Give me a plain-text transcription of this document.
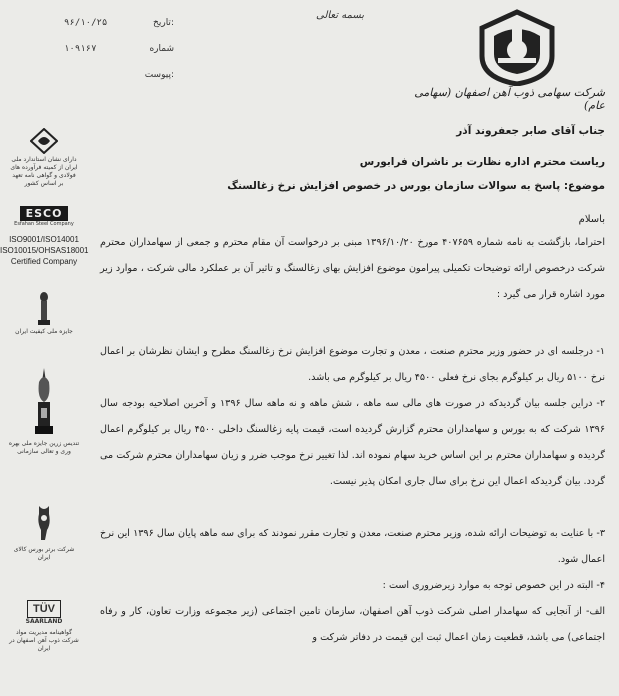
بسمه تعالی
شرکت سهامی ذوب آهن اصفهان (سهامی عام)
تاریخ:
۹۶/۱۰/۲۵
شماره
۱۰۹۱۶۷
پیوست:
دارای نشان استاندارد ملی ایران از کمیته فرآورده های فولادی و گواهی نامه تعهد بر اساس کشور
ESCO
Esfahan Steel Company
ISO9001/ISO14001
ISO10015/OHSAS18001
Certified Company
جایزه ملی کیفیت ایران
تندیس زرین جایزه ملی بهره وری و تعالی سازمانی
شرکت برتر بورس کالای ایران
TÜV
SAARLAND
گواهینامه مدیریت مواد شرکت ذوب آهن اصفهان در ایران
جناب آقای صابر جعفروند آذر
ریاست محترم اداره نظارت بر ناشران فرابورس
موضوع: پاسخ به سوالات سازمان بورس در خصوص افزایش نرخ زغالسنگ
باسلام
احتراما، بازگشت به نامه شماره ۴۰۷۶۵۹ مورخ ۱۳۹۶/۱۰/۲۰ مبنی بر درخواست آن مقام محترم و جمعی از سهامداران محترم شرکت درخصوص ارائه توضیحات تکمیلی پیرامون موضوع افزایش بهای زغالسنگ و تاثیر آن بر عملکرد مالی شرکت ، موارد زیر مورد اشاره قرار می گیرد :
۱- درجلسه ای در حضور وزیر محترم صنعت ، معدن و تجارت موضوع افزایش نرخ زغالسنگ مطرح و ایشان نظرشان بر اعمال نرخ ۵۱۰۰ ریال بر کیلوگرم بجای نرخ فعلی ۴۵۰۰ ریال بر کیلوگرم می باشد.
۲- دراین جلسه بیان گردیدکه در صورت های مالی سه ماهه ، شش ماهه و نه ماهه سال ۱۳۹۶ و آخرین اصلاحیه بودجه سال ۱۳۹۶ شرکت که به بورس و سهامداران محترم گزارش گردیده است، قیمت پایه زغالسنگ داخلی ۴۵۰۰ ریال بر کیلوگرم اعمال گردیده و سهامداران محترم بر این اساس خرید سهام نموده اند. لذا تغییر نرخ موجب ضرر و زیان سهامداران محترم شرکت می گردد. بیان گردیدکه اعمال این نرخ برای سال جاری امکان پذیر نیست.
۳- با عنایت به توضیحات ارائه شده، وزیر محترم صنعت، معدن و تجارت مقرر نمودند که برای سه ماهه پایان سال ۱۳۹۶ این نرخ اعمال شود.
۴- البته در این خصوص توجه به موارد زیرضروری است :
الف- از آنجایی که سهامدار اصلی شرکت ذوب آهن اصفهان، سازمان تامین اجتماعی (زیر مجموعه وزارت تعاون، کار و رفاه اجتماعی) می باشد، قطعیت زمان اعمال ثبت این قیمت در دفاتر شرکت و
